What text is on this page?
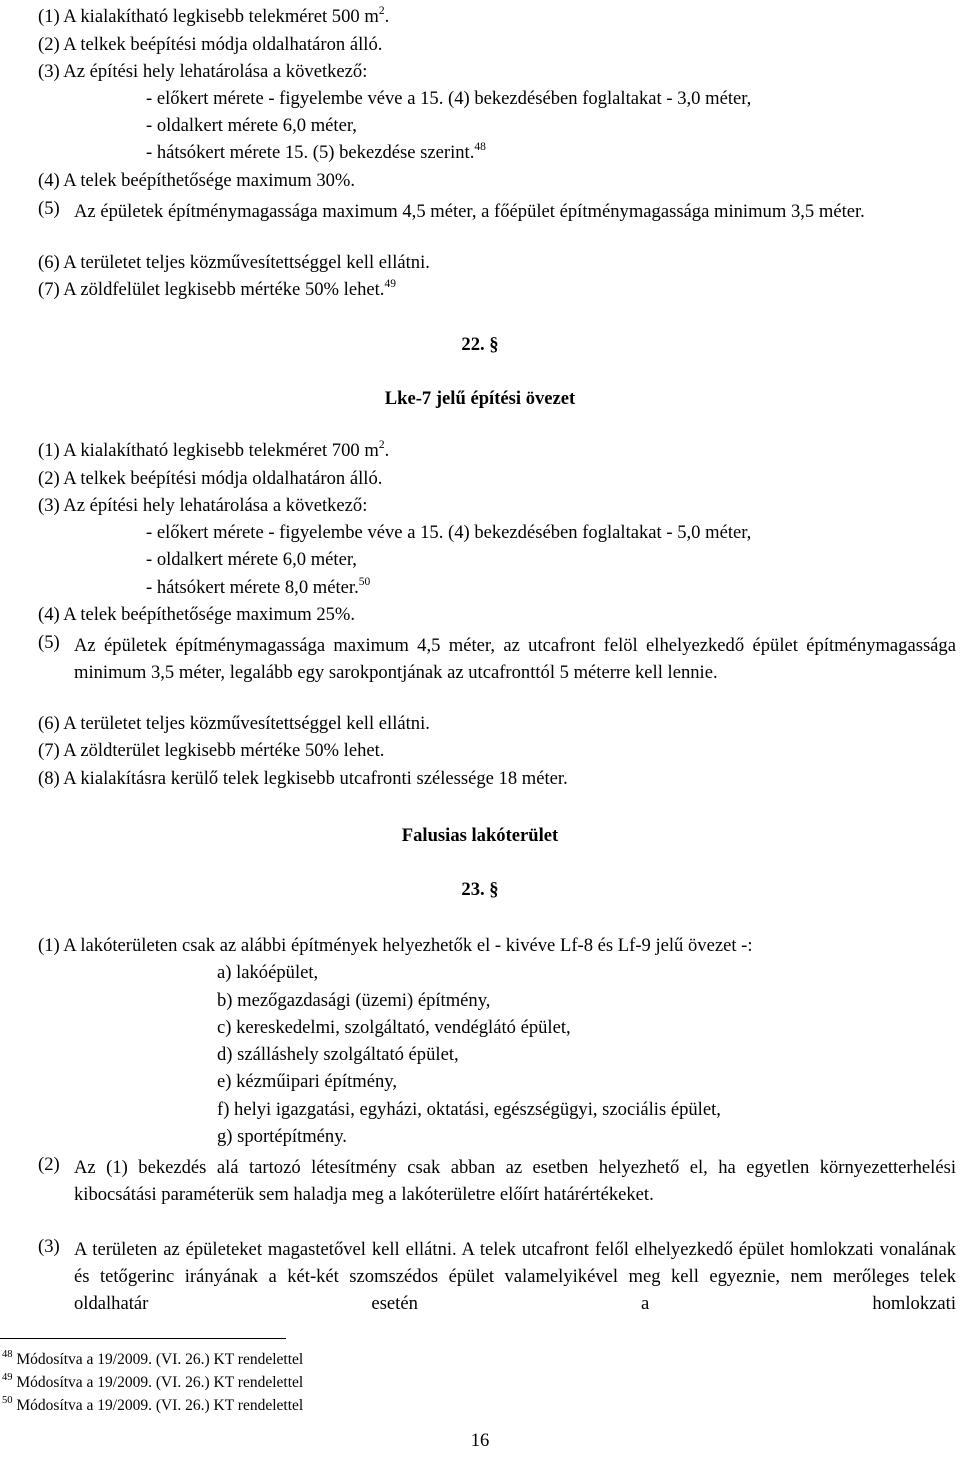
(1) A kialakítható legkisebb telekméret 500 $m^2$.
(2) A telkek beépítési módja oldalhatáron álló.
(3) Az építési hely lehatárolása a következő:
- előkert mérete - figyelembe véve a 15. (4) bekezdésében foglaltakat - 3,0 méter,
- oldalkert mérete 6,0 méter,
- hátsókert mérete 15. (5) bekezdése szerint.$^{48}$
(4) A telek beépíthetősége maximum 30%.
(5) Az épületek építménymagassága maximum 4,5 méter, a főépület építménymagassága minimum 3,5 méter.
(6) A területet teljes közművesítettséggel kell ellátni.
(7) A zöldfelület legkisebb mértéke 50% lehet.$^{49}$
22. §
Lke-7 jelű építési övezet
(1) A kialakítható legkisebb telekméret 700 $m^2$.
(2) A telkek beépítési módja oldalhatáron álló.
(3) Az építési hely lehatárolása a következő:
- előkert mérete - figyelembe véve a 15. (4) bekezdésében foglaltakat - 5,0 méter,
- oldalkert mérete 6,0 méter,
- hátsókert mérete 8,0 méter.$^{50}$
(4) A telek beépíthetősége maximum 25%.
(5) Az épületek építménymagassága maximum 4,5 méter, az utcafront felöl elhelyezkedő épület építménymagassága minimum 3,5 méter, legalább egy sarokpontjának az utcafronttól 5 méterre kell lennie.
(6) A területet teljes közművesítettséggel kell ellátni.
(7) A zöldterület legkisebb mértéke 50% lehet.
(8) A kialakításra kerülő telek legkisebb utcafronti szélessége 18 méter.
Falusias lakóterület
23. §
(1) A lakóterületen csak az alábbi építmények helyezhetők el - kivéve Lf-8 és Lf-9 jelű övezet -:
a) lakóépület,
b) mezőgazdasági (üzemi) építmény,
c) kereskedelmi, szolgáltató, vendéglátó épület,
d) szálláshely szolgáltató épület,
e) kézműipari építmény,
f) helyi igazgatási, egyházi, oktatási, egészségügyi, szociális épület,
g) sportépítmény.
(2) Az (1) bekezdés alá tartozó létesítmény csak abban az esetben helyezhető el, ha egyetlen környezetterhelési kibocsátási paraméterük sem haladja meg a lakóterületre előírt határértékeket.
(3) A területen az épületeket magastetővel kell ellátni. A telek utcafront felől elhelyezkedő épület homlokzati vonalának és tetőgerinc irányának a két-két szomszédos épület valamelyikével meg kell egyeznie, nem merőleges telek oldalhatár esetén a homlokzati
$^{48}$ Módosítva a 19/2009. (VI. 26.) KT rendelettel
$^{49}$ Módosítva a 19/2009. (VI. 26.) KT rendelettel
$^{50}$ Módosítva a 19/2009. (VI. 26.) KT rendelettel
16
